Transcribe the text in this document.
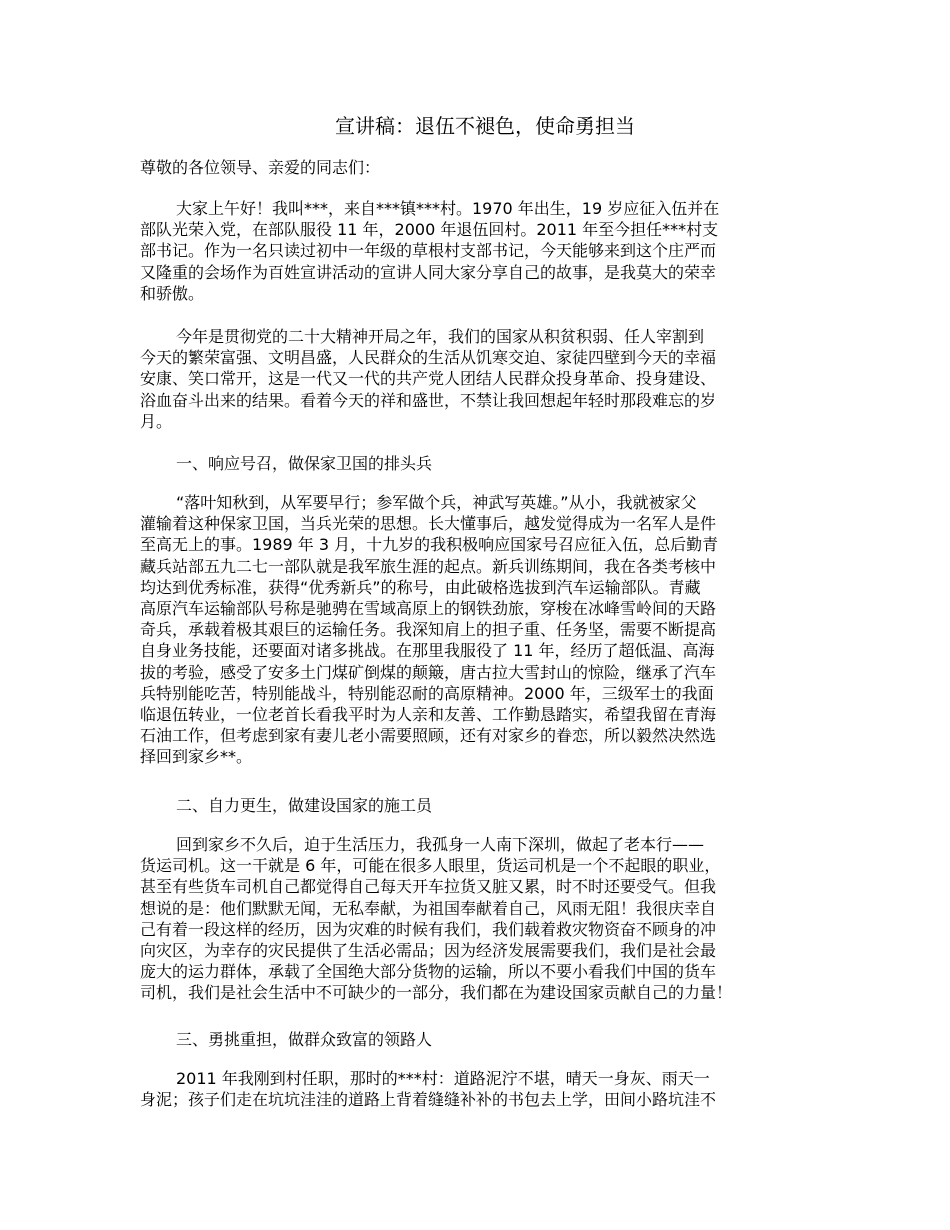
宣讲稿：退伍不褪色，使命勇担当
尊敬的各位领导、亲爱的同志们：
大家上午好！我叫***，来自***镇***村。1970 年出生，19 岁应征入伍并在
部队光荣入党，在部队服役 11 年，2000 年退伍回村。2011 年至今担任***村支
部书记。作为一名只读过初中一年级的草根村支部书记，今天能够来到这个庄严而
又隆重的会场作为百姓宣讲活动的宣讲人同大家分享自己的故事，是我莫大的荣幸
和骄傲。
今年是贯彻党的二十大精神开局之年，我们的国家从积贫积弱、任人宰割到
今天的繁荣富强、文明昌盛，人民群众的生活从饥寒交迫、家徒四壁到今天的幸福
安康、笑口常开，这是一代又一代的共产党人团结人民群众投身革命、投身建设、
浴血奋斗出来的结果。看着今天的祥和盛世，不禁让我回想起年轻时那段难忘的岁
月。
一、响应号召，做保家卫国的排头兵
“落叶知秋到，从军要早行；参军做个兵，神武写英雄。”从小，我就被家父
灌输着这种保家卫国，当兵光荣的思想。长大懂事后，越发觉得成为一名军人是件
至高无上的事。1989 年 3 月，十九岁的我积极响应国家号召应征入伍，总后勤青
藏兵站部五九二七一部队就是我军旅生涯的起点。新兵训练期间，我在各类考核中
均达到优秀标准，获得“优秀新兵”的称号，由此破格选拔到汽车运输部队。青藏
高原汽车运输部队号称是驰骋在雪域高原上的钢铁劲旅，穿梭在冰峰雪岭间的天路
奇兵，承载着极其艰巨的运输任务。我深知肩上的担子重、任务坚，需要不断提高
自身业务技能，还要面对诸多挑战。在那里我服役了 11 年，经历了超低温、高海
拔的考验，感受了安多土门煤矿倒煤的颠簸，唐古拉大雪封山的惊险，继承了汽车
兵特别能吃苦，特别能战斗，特别能忍耐的高原精神。2000 年，三级军士的我面
临退伍转业，一位老首长看我平时为人亲和友善、工作勤恳踏实，希望我留在青海
石油工作，但考虑到家有妻儿老小需要照顾，还有对家乡的眷恋，所以毅然决然选
择回到家乡**。
二、自力更生，做建设国家的施工员
回到家乡不久后，迫于生活压力，我孤身一人南下深圳，做起了老本行——
货运司机。这一干就是 6 年，可能在很多人眼里，货运司机是一个不起眼的职业，
甚至有些货车司机自己都觉得自己每天开车拉货又脏又累，时不时还要受气。但我
想说的是：他们默默无闻，无私奉献，为祖国奉献着自己，风雨无阻！我很庆幸自
己有着一段这样的经历，因为灾难的时候有我们，我们载着救灾物资奋不顾身的冲
向灾区，为幸存的灾民提供了生活必需品；因为经济发展需要我们，我们是社会最
庞大的运力群体，承载了全国绝大部分货物的运输，所以不要小看我们中国的货车
司机，我们是社会生活中不可缺少的一部分，我们都在为建设国家贡献自己的力量！
三、勇挑重担，做群众致富的领路人
2011 年我刚到村任职，那时的***村：道路泥泞不堪，晴天一身灰、雨天一
身泥；孩子们走在坑坑洼洼的道路上背着缝缝补补的书包去上学，田间小路坑洼不
